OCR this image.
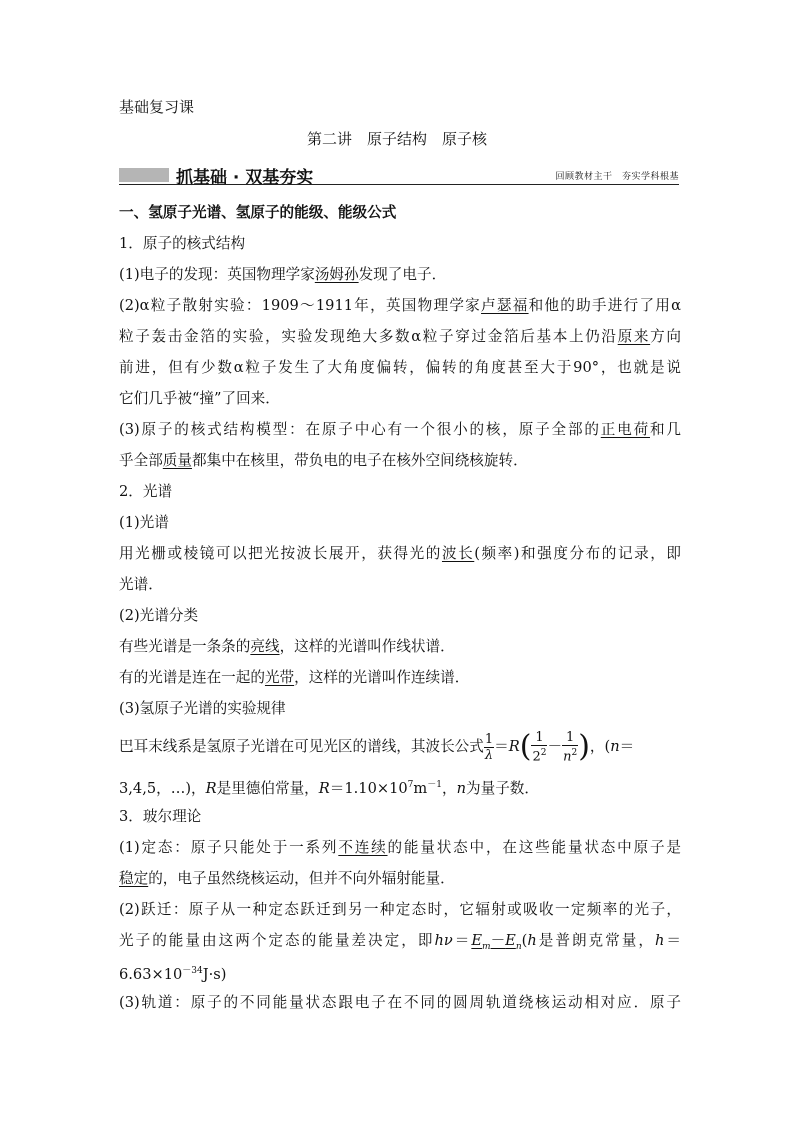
基础复习课
第二讲　原子结构　原子核
抓基础 · 双基夯实	回顾教材主干　夯实学科根基
一、氢原子光谱、氢原子的能级、能级公式
1．原子的核式结构
(1)电子的发现：英国物理学家汤姆孙发现了电子．
(2)α粒子散射实验：1909～1911年，英国物理学家卢瑟福和他的助手进行了用α
粒子轰击金箔的实验，实验发现绝大多数α粒子穿过金箔后基本上仍沿原来方向
前进，但有少数α粒子发生了大角度偏转，偏转的角度甚至大于90°，也就是说
它们几乎被“撞”了回来．
(3)原子的核式结构模型：在原子中心有一个很小的核，原子全部的正电荷和几
乎全部质量都集中在核里，带负电的电子在核外空间绕核旋转．
2．光谱
(1)光谱
用光栅或棱镜可以把光按波长展开，获得光的波长(频率)和强度分布的记录，即
光谱．
(2)光谱分类
有些光谱是一条条的亮线，这样的光谱叫作线状谱．
有的光谱是连在一起的光带，这样的光谱叫作连续谱．
(3)氢原子光谱的实验规律
巴耳末线系是氢原子光谱在可见光区的谱线，其波长公式 $\frac{1}{\lambda} =R( \frac{1}{2^2} - \frac{1}{n^2}$ )，(n＝
3,4,5，…)，R是里德伯常量，$R=1.10\times 10^7m^{-1}$，n为量子数．
3．玻尔理论
(1)定态：原子只能处于一系列不连续的能量状态中，在这些能量状态中原子是
稳定的，电子虽然绕核运动，但并不向外辐射能量．
(2)跃迁：原子从一种定态跃迁到另一种定态时，它辐射或吸收一定频率的光子，
光子的能量由这两个定态的能量差决定，即$h\nu=E_m-E_n(h$是普朗克常量，h＝
$6.63\times 10^{-34}J\cdot s$)
(3)轨道：原子的不同能量状态跟电子在不同的圆周轨道绕核运动相对应．原子
